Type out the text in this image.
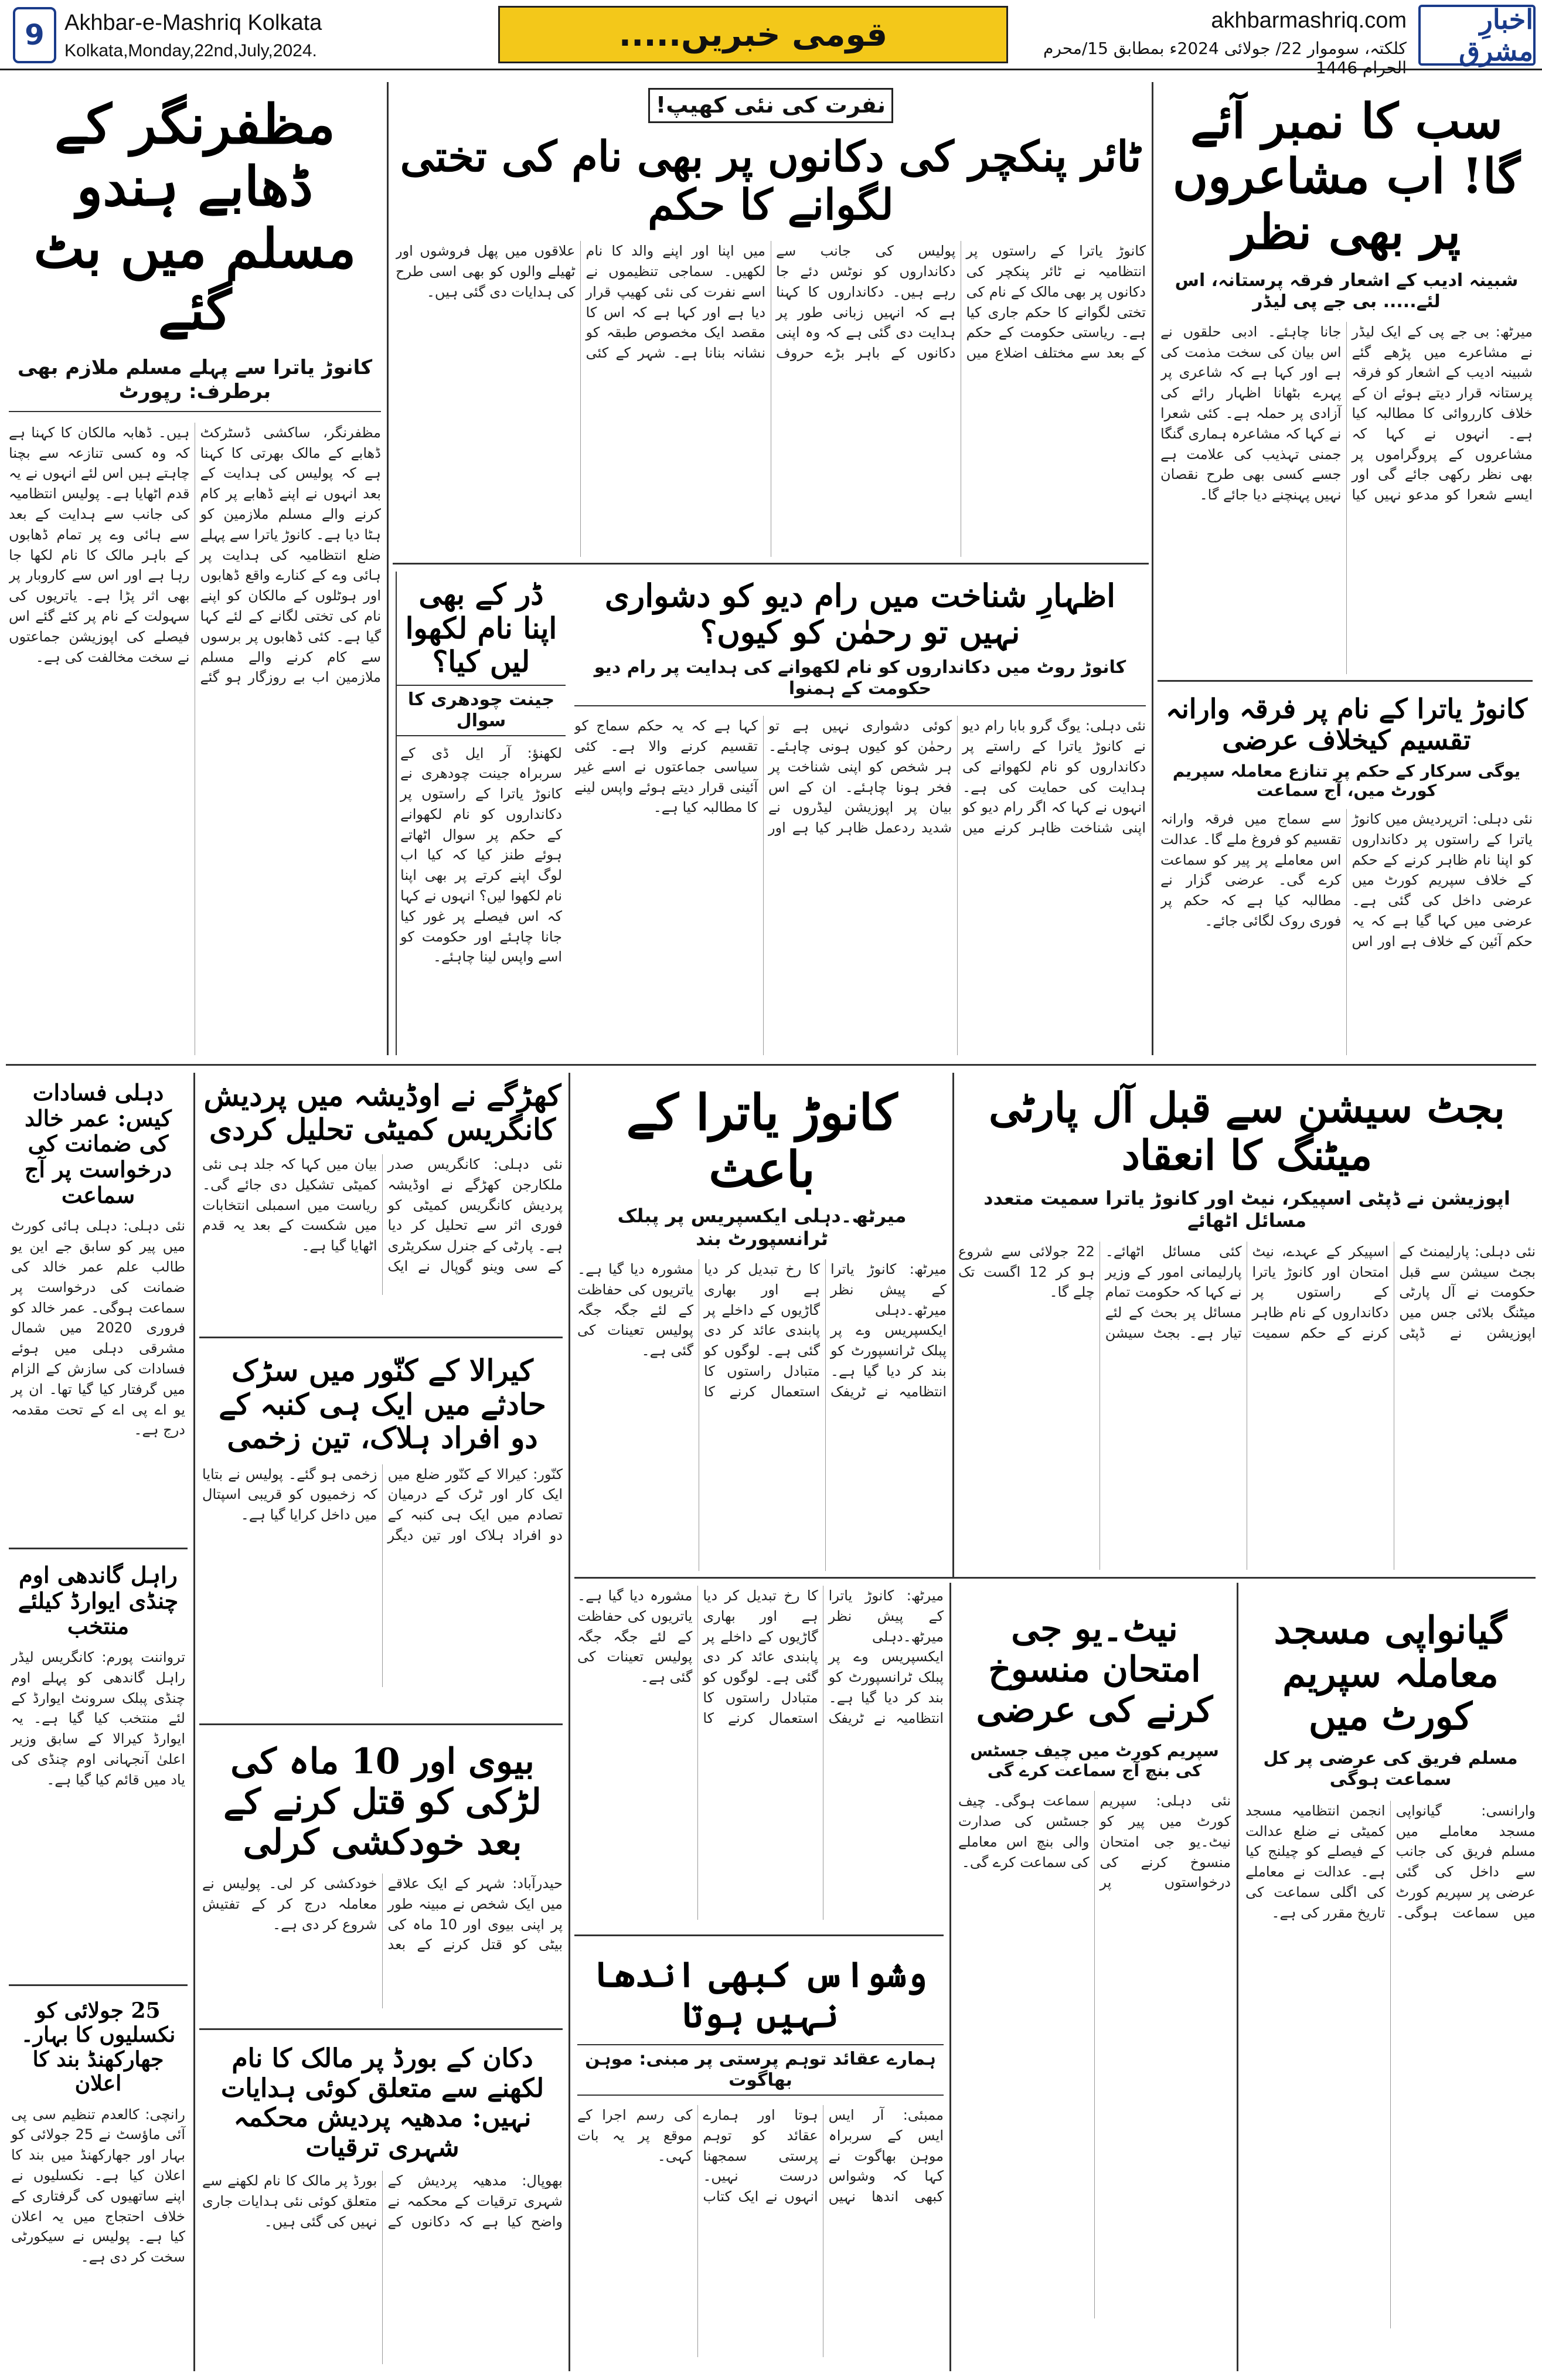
9 Akhbar-e-Mashriq Kolkata
Kolkata,Monday,22nd,July,2024.	قومی خبریں.....	akhbarmashriq.com
کلکتہ، سوموار 22/ جولائی 2024ء بمطابق 15/محرم الحرام 1446
اخبارِ مشرق
مظفرنگر کے ڈھابے ہندو مسلم میں بٹ گئے
کانوڑ یاترا سے پہلے مسلم ملازم بھی برطرف: رپورٹ
مظفرنگر، ساکشی ڈسٹرکٹ ڈھابے کے مالک بھرتی کا کہنا ہے کہ پولیس کی ہدایت کے بعد انہوں نے اپنے ڈھابے پر کام کرنے والے مسلم ملازمین کو ہٹا دیا ہے۔ کانوڑ یاترا سے پہلے ضلع انتظامیہ کی ہدایت پر ہائی وے کے کنارے واقع ڈھابوں اور ہوٹلوں کے مالکان کو اپنے نام کی تختی لگانے کے لئے کہا گیا ہے۔ کئی ڈھابوں پر برسوں سے کام کرنے والے مسلم ملازمین اب بے روزگار ہو گئے ہیں۔ ڈھابہ مالکان کا کہنا ہے کہ وہ کسی تنازعہ سے بچنا چاہتے ہیں اس لئے انہوں نے یہ قدم اٹھایا ہے۔ پولیس انتظامیہ کی جانب سے ہدایت کے بعد سے ہائی وے پر تمام ڈھابوں کے باہر مالک کا نام لکھا جا رہا ہے اور اس سے کاروبار پر بھی اثر پڑا ہے۔ یاتریوں کی سہولت کے نام پر کئے گئے اس فیصلے کی اپوزیشن جماعتوں نے سخت مخالفت کی ہے۔
نفرت کی نئی کھیپ!
ٹائر پنکچر کی دکانوں پر بھی نام کی تختی لگوانے کا حکم
کانوڑ یاترا کے راستوں پر انتظامیہ نے ٹائر پنکچر کی دکانوں پر بھی مالک کے نام کی تختی لگوانے کا حکم جاری کیا ہے۔ ریاستی حکومت کے حکم کے بعد سے مختلف اضلاع میں پولیس کی جانب سے دکانداروں کو نوٹس دئے جا رہے ہیں۔ دکانداروں کا کہنا ہے کہ انہیں زبانی طور پر ہدایت دی گئی ہے کہ وہ اپنی دکانوں کے باہر بڑے حروف میں اپنا اور اپنے والد کا نام لکھیں۔ سماجی تنظیموں نے اسے نفرت کی نئی کھیپ قرار دیا ہے اور کہا ہے کہ اس کا مقصد ایک مخصوص طبقہ کو نشانہ بنانا ہے۔ شہر کے کئی علاقوں میں پھل فروشوں اور ٹھیلے والوں کو بھی اسی طرح کی ہدایات دی گئی ہیں۔
سب کا نمبر آئے گا! اب مشاعروں پر بھی نظر
شبینہ ادیب کے اشعار فرقہ پرستانہ، اس لئے..... بی جے پی لیڈر
میرٹھ: بی جے پی کے ایک لیڈر نے مشاعرے میں پڑھے گئے شبینہ ادیب کے اشعار کو فرقہ پرستانہ قرار دیتے ہوئے ان کے خلاف کارروائی کا مطالبہ کیا ہے۔ انہوں نے کہا کہ مشاعروں کے پروگراموں پر بھی نظر رکھی جائے گی اور ایسے شعرا کو مدعو نہیں کیا جانا چاہئے۔ ادبی حلقوں نے اس بیان کی سخت مذمت کی ہے اور کہا ہے کہ شاعری پر پہرے بٹھانا اظہار رائے کی آزادی پر حملہ ہے۔ کئی شعرا نے کہا کہ مشاعرہ ہماری گنگا جمنی تہذیب کی علامت ہے جسے کسی بھی طرح نقصان نہیں پہنچنے دیا جائے گا۔
اظہارِ شناخت میں رام دیو کو دشواری نہیں تو رحمٰن کو کیوں؟
کانوڑ روٹ میں دکانداروں کو نام لکھوانے کی ہدایت پر رام دیو حکومت کے ہمنوا
نئی دہلی: یوگ گرو بابا رام دیو نے کانوڑ یاترا کے راستے پر دکانداروں کو نام لکھوانے کی ہدایت کی حمایت کی ہے۔ انہوں نے کہا کہ اگر رام دیو کو اپنی شناخت ظاہر کرنے میں کوئی دشواری نہیں ہے تو رحمٰن کو کیوں ہونی چاہئے۔ ہر شخص کو اپنی شناخت پر فخر ہونا چاہئے۔ ان کے اس بیان پر اپوزیشن لیڈروں نے شدید ردعمل ظاہر کیا ہے اور کہا ہے کہ یہ حکم سماج کو تقسیم کرنے والا ہے۔ کئی سیاسی جماعتوں نے اسے غیر آئینی قرار دیتے ہوئے واپس لینے کا مطالبہ کیا ہے۔
ڈر کے بھی اپنا نام لکھوا لیں کیا؟
جینت چودھری کا سوال
لکھنؤ: آر ایل ڈی کے سربراہ جینت چودھری نے کانوڑ یاترا کے راستوں پر دکانداروں کو نام لکھوانے کے حکم پر سوال اٹھاتے ہوئے طنز کیا کہ کیا اب لوگ اپنے کرتے پر بھی اپنا نام لکھوا لیں؟ انہوں نے کہا کہ اس فیصلے پر غور کیا جانا چاہئے اور حکومت کو اسے واپس لینا چاہئے۔
کانوڑ یاترا کے نام پر فرقہ وارانہ تقسیم کیخلاف عرضی
یوگی سرکار کے حکم پر تنازع معاملہ سپریم کورٹ میں، آج سماعت
نئی دہلی: اترپردیش میں کانوڑ یاترا کے راستوں پر دکانداروں کو اپنا نام ظاہر کرنے کے حکم کے خلاف سپریم کورٹ میں عرضی داخل کی گئی ہے۔ عرضی میں کہا گیا ہے کہ یہ حکم آئین کے خلاف ہے اور اس سے سماج میں فرقہ وارانہ تقسیم کو فروغ ملے گا۔ عدالت اس معاملے پر پیر کو سماعت کرے گی۔ عرضی گزار نے مطالبہ کیا ہے کہ حکم پر فوری روک لگائی جائے۔
دہلی فسادات کیس: عمر خالد کی ضمانت کی درخواست پر آج سماعت
نئی دہلی: دہلی ہائی کورٹ میں پیر کو سابق جے این یو طالب علم عمر خالد کی ضمانت کی درخواست پر سماعت ہوگی۔ عمر خالد کو فروری 2020 میں شمال مشرقی دہلی میں ہوئے فسادات کی سازش کے الزام میں گرفتار کیا گیا تھا۔ ان پر یو اے پی اے کے تحت مقدمہ درج ہے۔
راہل گاندھی اوم چنڈی ایوارڈ کیلئے منتخب
ترواننت پورم: کانگریس لیڈر راہل گاندھی کو پہلے اوم چنڈی پبلک سرونٹ ایوارڈ کے لئے منتخب کیا گیا ہے۔ یہ ایوارڈ کیرالا کے سابق وزیر اعلیٰ آنجہانی اوم چنڈی کی یاد میں قائم کیا گیا ہے۔
25 جولائی کو نکسلیوں کا بہار۔جھارکھنڈ بند کا اعلان
رانچی: کالعدم تنظیم سی پی آئی ماؤسٹ نے 25 جولائی کو بہار اور جھارکھنڈ میں بند کا اعلان کیا ہے۔ نکسلیوں نے اپنے ساتھیوں کی گرفتاری کے خلاف احتجاج میں یہ اعلان کیا ہے۔ پولیس نے سیکورٹی سخت کر دی ہے۔
کھڑگے نے اوڈیشہ میں پردیش کانگریس کمیٹی تحلیل کردی
نئی دہلی: کانگریس صدر ملکارجن کھڑگے نے اوڈیشہ پردیش کانگریس کمیٹی کو فوری اثر سے تحلیل کر دیا ہے۔ پارٹی کے جنرل سکریٹری کے سی وینو گوپال نے ایک بیان میں کہا کہ جلد ہی نئی کمیٹی تشکیل دی جائے گی۔ ریاست میں اسمبلی انتخابات میں شکست کے بعد یہ قدم اٹھایا گیا ہے۔
کیرالا کے کنّور میں سڑک حادثے میں ایک ہی کنبہ کے دو افراد ہلاک، تین زخمی
کنّور: کیرالا کے کنّور ضلع میں ایک کار اور ٹرک کے درمیان تصادم میں ایک ہی کنبہ کے دو افراد ہلاک اور تین دیگر زخمی ہو گئے۔ پولیس نے بتایا کہ زخمیوں کو قریبی اسپتال میں داخل کرایا گیا ہے۔
بیوی اور 10 ماہ کی لڑکی کو قتل کرنے کے بعد خودکشی کرلی
حیدرآباد: شہر کے ایک علاقے میں ایک شخص نے مبینہ طور پر اپنی بیوی اور 10 ماہ کی بیٹی کو قتل کرنے کے بعد خودکشی کر لی۔ پولیس نے معاملہ درج کر کے تفتیش شروع کر دی ہے۔
دکان کے بورڈ پر مالک کا نام لکھنے سے متعلق کوئی ہدایات نہیں: مدھیہ پردیش محکمہ شہری ترقیات
بھوپال: مدھیہ پردیش کے شہری ترقیات کے محکمہ نے واضح کیا ہے کہ دکانوں کے بورڈ پر مالک کا نام لکھنے سے متعلق کوئی نئی ہدایات جاری نہیں کی گئی ہیں۔
کانوڑ یاترا کے باعث
میرٹھ۔دہلی ایکسپریس پر پبلک ٹرانسپورٹ بند
میرٹھ: کانوڑ یاترا کے پیش نظر میرٹھ۔دہلی ایکسپریس وے پر پبلک ٹرانسپورٹ کو بند کر دیا گیا ہے۔ انتظامیہ نے ٹریفک کا رخ تبدیل کر دیا ہے اور بھاری گاڑیوں کے داخلے پر پابندی عائد کر دی گئی ہے۔ لوگوں کو متبادل راستوں کا استعمال کرنے کا مشورہ دیا گیا ہے۔ یاتریوں کی حفاظت کے لئے جگہ جگہ پولیس تعینات کی گئی ہے۔
بجٹ سیشن سے قبل آل پارٹی میٹنگ کا انعقاد
اپوزیشن نے ڈپٹی اسپیکر، نیٹ اور کانوڑ یاترا سمیت متعدد مسائل اٹھائے
نئی دہلی: پارلیمنٹ کے بجٹ سیشن سے قبل حکومت نے آل پارٹی میٹنگ بلائی جس میں اپوزیشن نے ڈپٹی اسپیکر کے عہدے، نیٹ امتحان اور کانوڑ یاترا کے راستوں پر دکانداروں کے نام ظاہر کرنے کے حکم سمیت کئی مسائل اٹھائے۔ پارلیمانی امور کے وزیر نے کہا کہ حکومت تمام مسائل پر بحث کے لئے تیار ہے۔ بجٹ سیشن 22 جولائی سے شروع ہو کر 12 اگست تک چلے گا۔
وشواس کبھی اندھا نہیں ہوتا
ہمارے عقائد توہم پرستی پر مبنی: موہن بھاگوت
ممبئی: آر ایس ایس کے سربراہ موہن بھاگوت نے کہا کہ وشواس کبھی اندھا نہیں ہوتا اور ہمارے عقائد کو توہم پرستی سمجھنا درست نہیں۔ انہوں نے ایک کتاب کی رسم اجرا کے موقع پر یہ بات کہی۔
میرٹھ: کانوڑ یاترا کے پیش نظر میرٹھ۔دہلی ایکسپریس وے پر پبلک ٹرانسپورٹ کو بند کر دیا گیا ہے۔ انتظامیہ نے ٹریفک کا رخ تبدیل کر دیا ہے اور بھاری گاڑیوں کے داخلے پر پابندی عائد کر دی گئی ہے۔ لوگوں کو متبادل راستوں کا استعمال کرنے کا مشورہ دیا گیا ہے۔ یاتریوں کی حفاظت کے لئے جگہ جگہ پولیس تعینات کی گئی ہے۔
نیٹ۔یو جی امتحان منسوخ کرنے کی عرضی
سپریم کورٹ میں چیف جسٹس کی بنچ آج سماعت کرے گی
نئی دہلی: سپریم کورٹ میں پیر کو نیٹ۔یو جی امتحان منسوخ کرنے کی درخواستوں پر سماعت ہوگی۔ چیف جسٹس کی صدارت والی بنچ اس معاملے کی سماعت کرے گی۔
گیانواپی مسجد معاملہ سپریم کورٹ میں
مسلم فریق کی عرضی پر کل سماعت ہوگی
وارانسی: گیانواپی مسجد معاملے میں مسلم فریق کی جانب سے داخل کی گئی عرضی پر سپریم کورٹ میں سماعت ہوگی۔ انجمن انتظامیہ مسجد کمیٹی نے ضلع عدالت کے فیصلے کو چیلنج کیا ہے۔ عدالت نے معاملے کی اگلی سماعت کی تاریخ مقرر کی ہے۔
